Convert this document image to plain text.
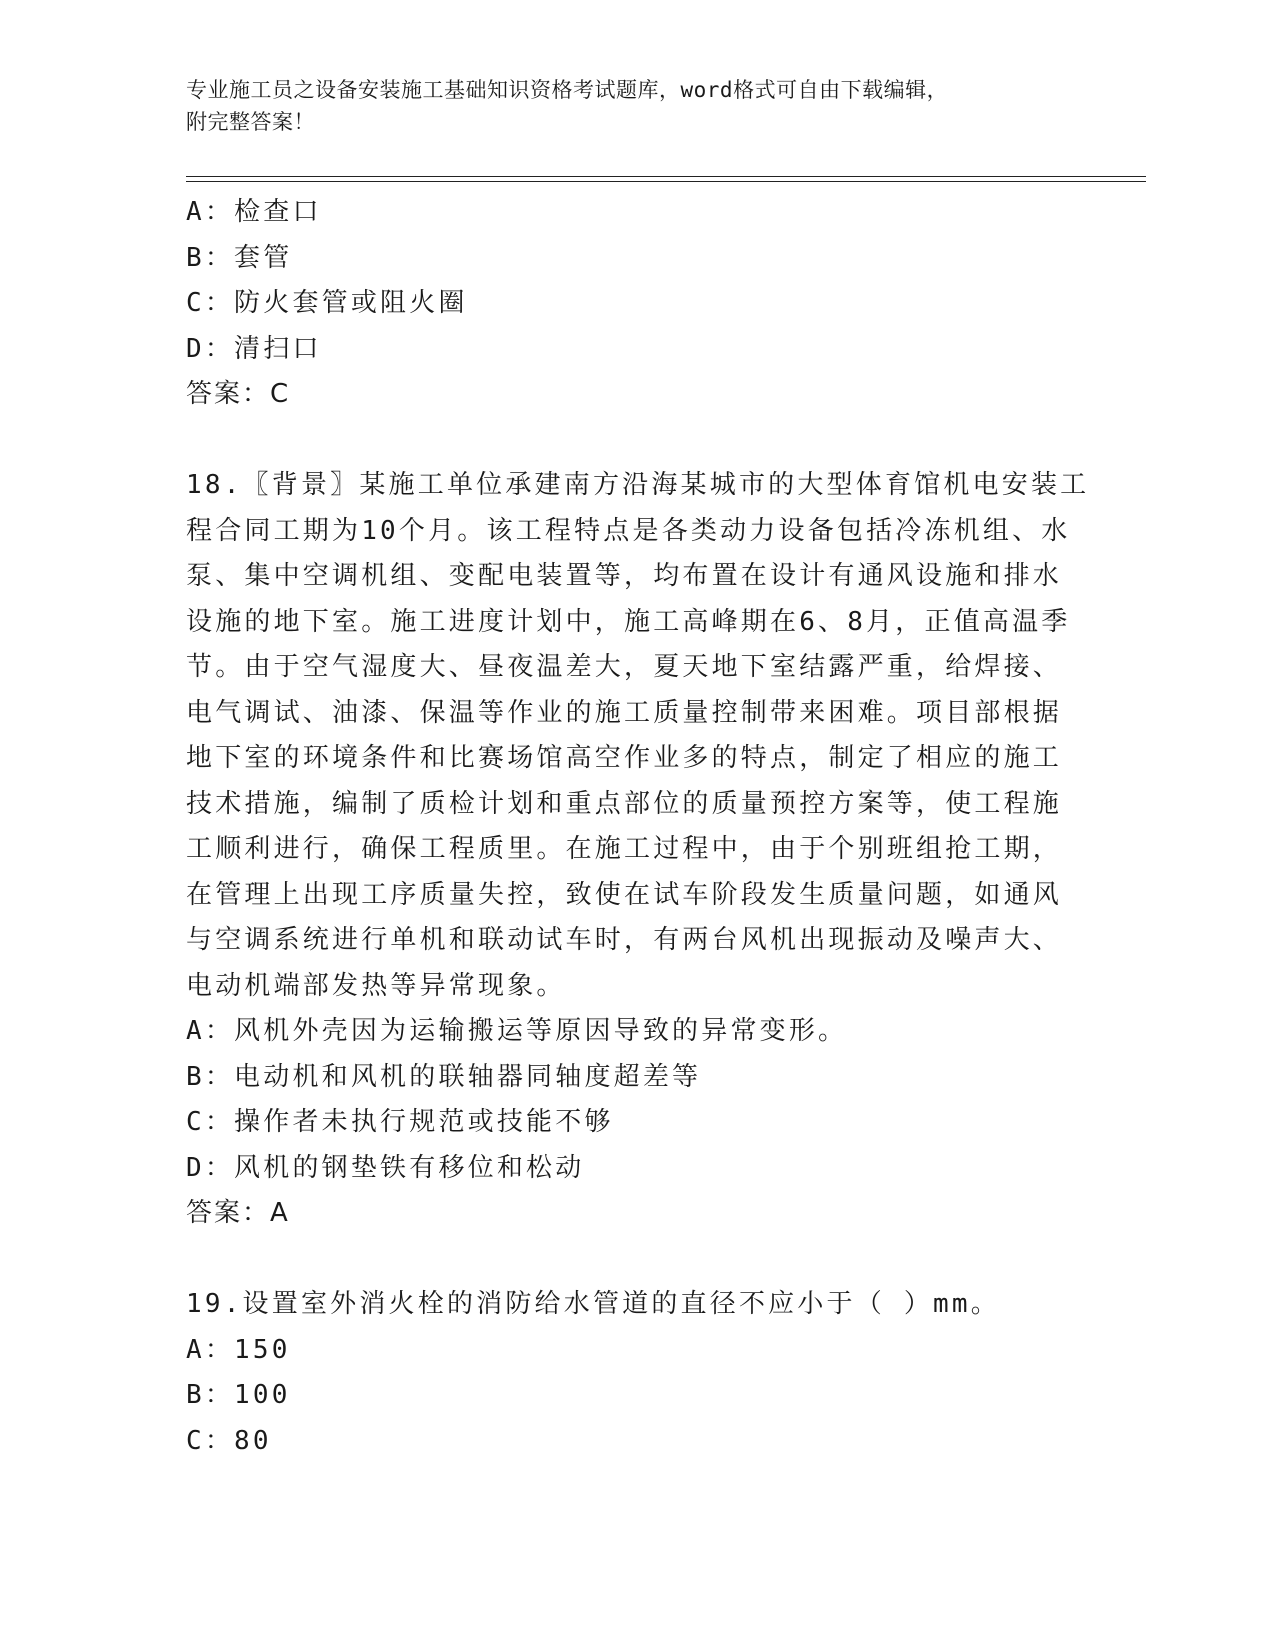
专业施工员之设备安装施工基础知识资格考试题库，word格式可自由下载编辑，
附完整答案！
A：检查口
B：套管
C：防火套管或阻火圈
D：清扫口
答案：C
18.〖背景〗某施工单位承建南方沿海某城市的大型体育馆机电安装工
程合同工期为10个月。该工程特点是各类动力设备包括冷冻机组、水
泵、集中空调机组、变配电装置等，均布置在设计有通风设施和排水
设施的地下室。施工进度计划中，施工高峰期在6、8月，正值高温季
节。由于空气湿度大、昼夜温差大，夏天地下室结露严重，给焊接、
电气调试、油漆、保温等作业的施工质量控制带来困难。项目部根据
地下室的环境条件和比赛场馆高空作业多的特点，制定了相应的施工
技术措施，编制了质检计划和重点部位的质量预控方案等，使工程施
工顺利进行，确保工程质里。在施工过程中，由于个别班组抢工期，
在管理上出现工序质量失控，致使在试车阶段发生质量问题，如通风
与空调系统进行单机和联动试车时，有两台风机出现振动及噪声大、
电动机端部发热等异常现象。
A：风机外壳因为运输搬运等原因导致的异常变形。
B：电动机和风机的联轴器同轴度超差等
C：操作者未执行规范或技能不够
D：风机的钢垫铁有移位和松动
答案：A
19.设置室外消火栓的消防给水管道的直径不应小于（ ）mm。
A：150
B：100
C：80
